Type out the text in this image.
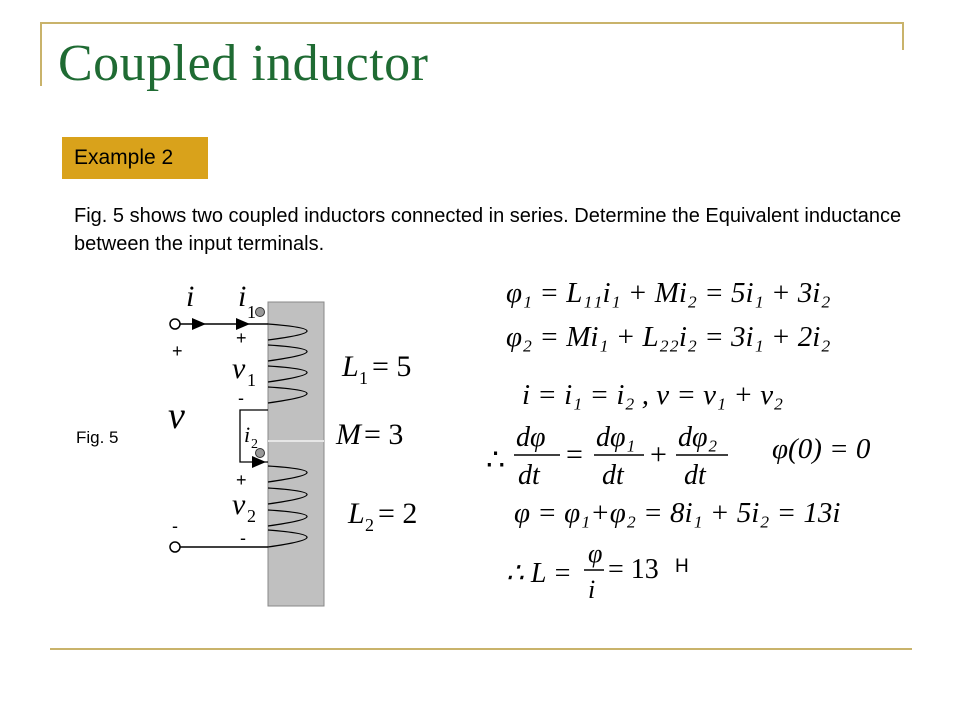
Coupled inductor
Example 2
Fig. 5 shows two coupled inductors connected in series. Determine the Equivalent inductance between the input terminals.
Fig. 5
H
i i 1
i 2
+
-
+
-
+
-
v
v 1
v 2
L 1 = 5
M = 3
L 2 = 2
φ₁ = L₁₁i₁ + Mi₂ = 5i₁ + 3i₂
φ₂ = Mi₁ + L₂₂i₂ = 3i₁ + 2i₂
i = i₁ = i₂ , v = v₁ + v₂
∴
dφ
dt
=
dφ₁
dt
+
dφ₂
dt
φ(0) = 0
φ = φ₁+φ₂ = 8i₁ + 5i₂ = 13i
∴ L =
φ
i
= 13
